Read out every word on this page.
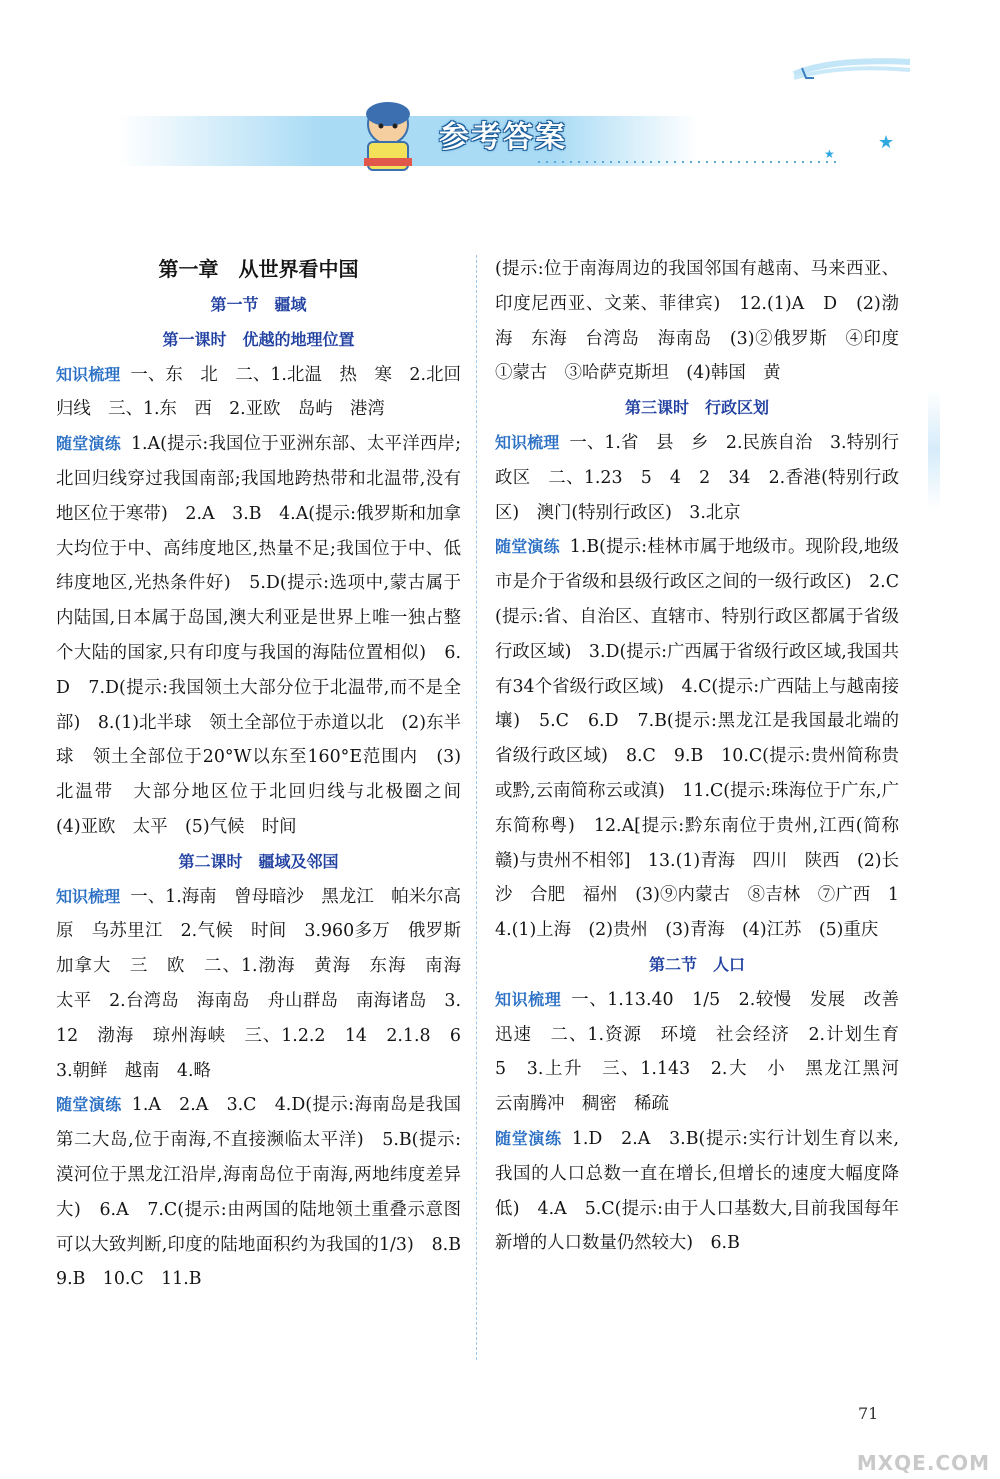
★
★
参考答案

第一章　从世界看中国

第一节　疆域

第一课时　优越的地理位置

知识梳理 一、东　北　二、1.北温　热　寒　2.北回归线　三、1.东　西　2.亚欧　岛屿　港湾

随堂演练 1.A(提示:我国位于亚洲东部、太平洋西岸;北回归线穿过我国南部;我国地跨热带和北温带,没有地区位于寒带)　2.A　3.B　4.A(提示:俄罗斯和加拿大均位于中、高纬度地区,热量不足;我国位于中、低纬度地区,光热条件好)　5.D(提示:选项中,蒙古属于内陆国,日本属于岛国,澳大利亚是世界上唯一独占整个大陆的国家,只有印度与我国的海陆位置相似)　6.D　7.D(提示:我国领土大部分位于北温带,而不是全部)　8.(1)北半球　领土全部位于赤道以北　(2)东半球　领土全部位于20°W以东至160°E范围内　(3)北温带　大部分地区位于北回归线与北极圈之间　(4)亚欧　太平　(5)气候　时间

第二课时　疆域及邻国

知识梳理 一、1.海南　曾母暗沙　黑龙江　帕米尔高原　乌苏里江　2.气候　时间　3.960多万　俄罗斯　加拿大　三　欧　二、1.渤海　黄海　东海　南海　太平　2.台湾岛　海南岛　舟山群岛　南海诸岛　3.12　渤海　琼州海峡　三、1.2.2　14　2.1.8　6　3.朝鲜　越南　4.略

随堂演练 1.A　2.A　3.C　4.D(提示:海南岛是我国第二大岛,位于南海,不直接濒临太平洋)　5.B(提示:漠河位于黑龙江沿岸,海南岛位于南海,两地纬度差异大)　6.A　7.C(提示:由两国的陆地领土重叠示意图可以大致判断,印度的陆地面积约为我国的1/3)　8.B　9.B　10.C　11.B

(提示:位于南海周边的我国邻国有越南、马来西亚、印度尼西亚、文莱、菲律宾)　12.(1)A　D　(2)渤海　东海　台湾岛　海南岛　(3)②俄罗斯　④印度　①蒙古　③哈萨克斯坦　(4)韩国　黄

第三课时　行政区划

知识梳理 一、1.省　县　乡　2.民族自治　3.特别行政区　二、1.23　5　4　2　34　2.香港(特别行政区)　澳门(特别行政区)　3.北京

随堂演练 1.B(提示:桂林市属于地级市。现阶段,地级市是介于省级和县级行政区之间的一级行政区)　2.C(提示:省、自治区、直辖市、特别行政区都属于省级行政区域)　3.D(提示:广西属于省级行政区域,我国共有34个省级行政区域)　4.C(提示:广西陆上与越南接壤)　5.C　6.D　7.B(提示:黑龙江是我国最北端的省级行政区域)　8.C　9.B　10.C(提示:贵州简称贵或黔,云南简称云或滇)　11.C(提示:珠海位于广东,广东简称粤)　12.A[提示:黔东南位于贵州,江西(简称赣)与贵州不相邻]　13.(1)青海　四川　陕西　(2)长沙　合肥　福州　(3)⑨内蒙古　⑧吉林　⑦广西　14.(1)上海　(2)贵州　(3)青海　(4)江苏　(5)重庆

第二节　人口

知识梳理 一、1.13.40　1/5　2.较慢　发展　改善　迅速　二、1.资源　环境　社会经济　2.计划生育　5　3.上升　三、1.143　2.大　小　黑龙江黑河　云南腾冲　稠密　稀疏

随堂演练 1.D　2.A　3.B(提示:实行计划生育以来,我国的人口总数一直在增长,但增长的速度大幅度降低)　4.A　5.C(提示:由于人口基数大,目前我国每年新增的人口数量仍然较大)　6.B

71
MXQE.COM
